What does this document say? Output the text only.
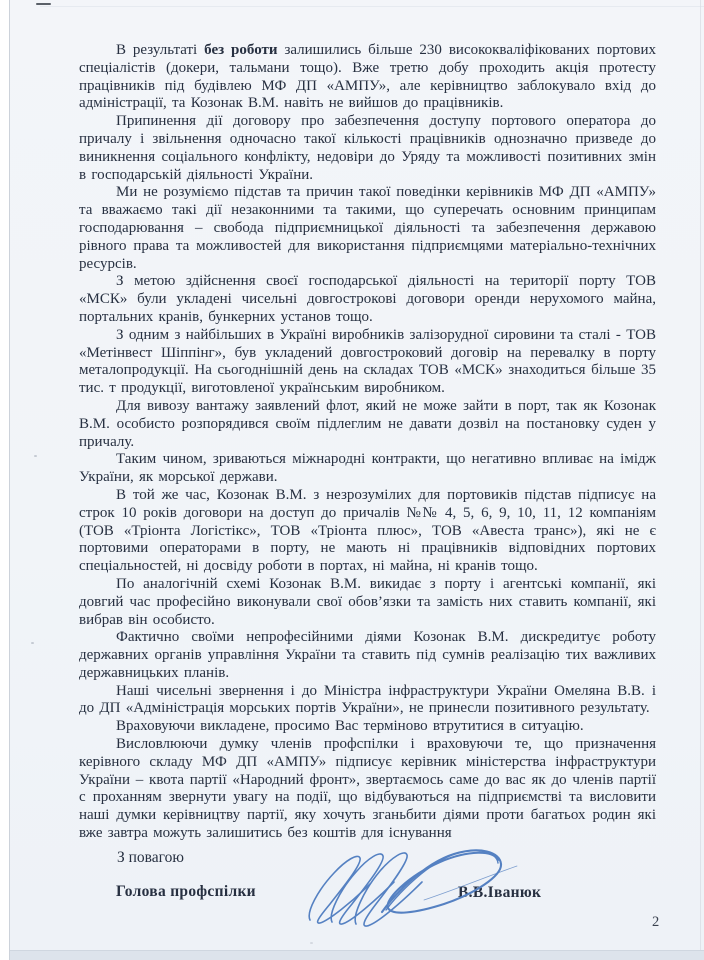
В результаті без роботи залишились більше 230 висококваліфікованих портових спеціалістів (докери, тальмани тощо). Вже третю добу проходить акція протесту працівників під будівлею МФ ДП «АМПУ», але керівництво заблокувало вхід до адміністрації, та Козонак В.М. навіть не вийшов до працівників.

Припинення дії договору про забезпечення доступу портового оператора до причалу і звільнення одночасно такої кількості працівників однозначно призведе до виникнення соціального конфлікту, недовіри до Уряду та можливості позитивних змін в господарській діяльності України.

Ми не розуміємо підстав та причин такої поведінки керівників МФ ДП «АМПУ» та вважаємо такі дії незаконними та такими, що суперечать основним принципам господарювання – свобода підприємницької діяльності та забезпечення державою рівного права та можливостей для використання підприємцями матеріально-технічних ресурсів.

З метою здійснення своєї господарської діяльності на території порту ТОВ «МСК» були укладені чисельні довгострокові договори оренди нерухомого майна, портальних кранів, бункерних установ тощо.

З одним з найбільших в Україні виробників залізорудної сировини та сталі - ТОВ «Метінвест Шіппінг», був укладений довгостроковий договір на перевалку в порту металопродукції. На сьогоднішній день на складах ТОВ «МСК» знаходиться більше 35 тис. т продукції, виготовленої українським виробником.

Для вивозу вантажу заявлений флот, який не може зайти в порт, так як Козонак В.М. особисто розпорядився своїм підлеглим не давати дозвіл на постановку суден у причалу.

Таким чином, зриваються міжнародні контракти, що негативно впливає на імідж України, як морської держави.

В той же час, Козонак В.М. з незрозумілих для портовиків підстав підписує на строк 10 років договори на доступ до причалів №№ 4, 5, 6, 9, 10, 11, 12 компаніям (ТОВ «Тріонта Логістікс», ТОВ «Тріонта плюс», ТОВ «Авеста транс»), які не є портовими операторами в порту, не мають ні працівників відповідних портових спеціальностей, ні досвіду роботи в портах, ні майна, ні кранів тощо.

По аналогічній схемі Козонак В.М. викидає з порту і агентські компанії, які довгий час професійно виконували свої обов’язки та замість них ставить компанії, які вибрав він особисто.

Фактично своїми непрофесійними діями Козонак В.М. дискредитує роботу державних органів управління України та ставить під сумнів реалізацію тих важливих державницьких планів.

Наші чисельні звернення і до Міністра інфраструктури України Омеляна В.В. і до ДП «Адміністрація морських портів України», не принесли позитивного результату.

Враховуючи викладене, просимо Вас терміново втрутитися в ситуацію.

Висловлюючи думку членів профспілки і враховуючи те, що призначення керівного складу МФ ДП «АМПУ» підписує керівник міністерства інфраструктури України – квота партії «Народний фронт», звертаємось саме до вас як до членів партії с проханням звернути увагу на події, що відбуваються на підприємстві та висловити наші думки керівництву партії, яку хочуть зганьбити діями проти багатьох родин які вже завтра можуть залишитись без коштів для існування

З повагою
Голова профспілки	В.В.Іванюк
2
